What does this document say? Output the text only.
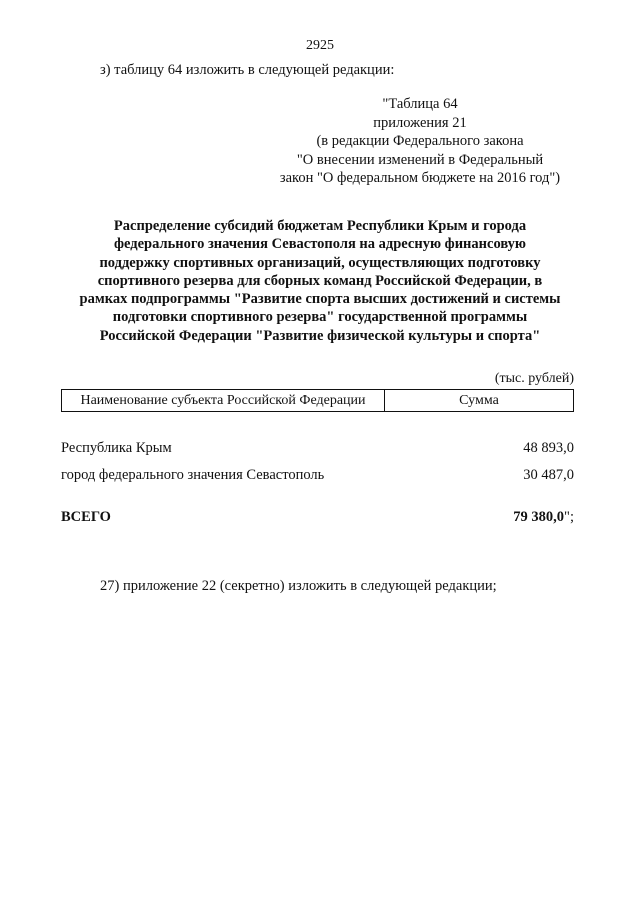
2925
з) таблицу 64 изложить в следующей редакции:
"Таблица 64
приложения 21
(в редакции Федерального закона
"О внесении изменений в Федеральный
закон "О федеральном бюджете на 2016 год")
Распределение субсидий бюджетам Республики Крым и города
федерального значения Севастополя на адресную финансовую
поддержку спортивных организаций, осуществляющих подготовку
спортивного резерва для сборных команд Российской Федерации, в
рамках подпрограммы "Развитие спорта высших достижений и системы
подготовки спортивного резерва" государственной программы
Российской Федерации "Развитие физической культуры и спорта"
(тыс. рублей)
Наименование субъекта Российской Федерации	Сумма
Республика Крым	48 893,0
город федерального значения Севастополь	30 487,0
ВСЕГО	79 380,0";
27) приложение 22 (секретно) изложить в следующей редакции;
